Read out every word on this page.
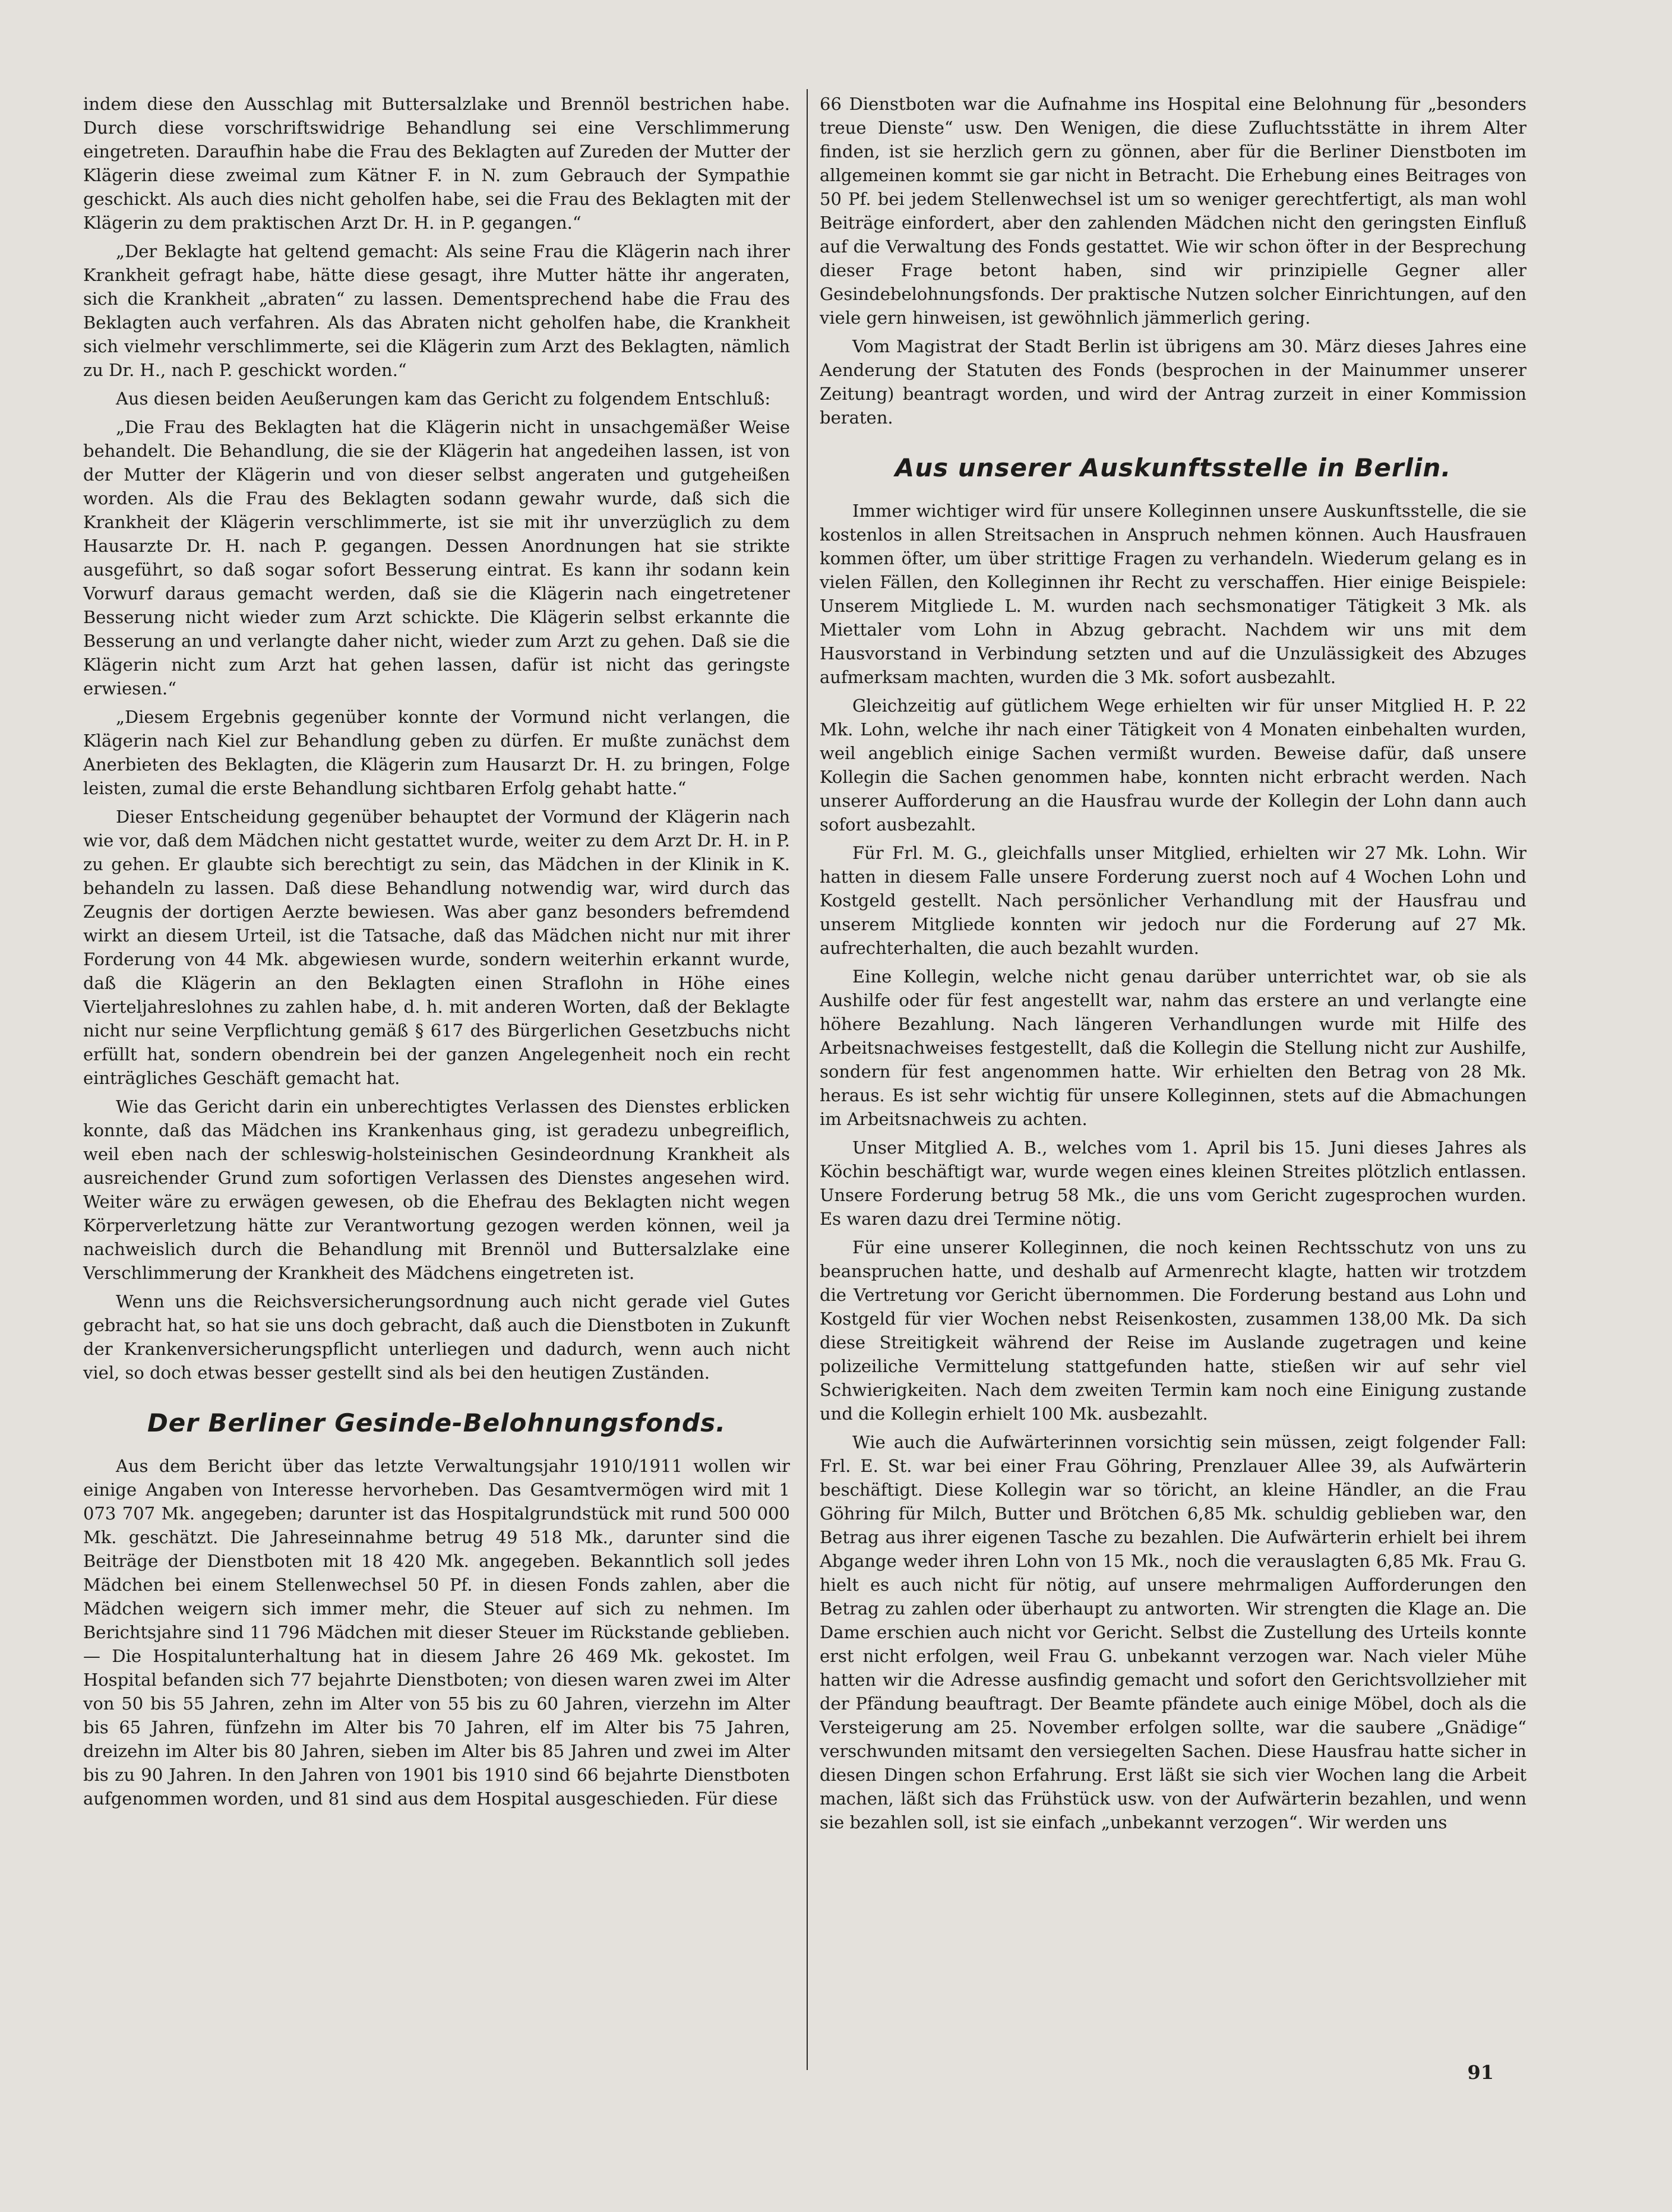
indem diese den Ausschlag mit Buttersalzlake und Brennöl bestrichen habe. Durch diese vorschriftswidrige Behandlung sei eine Verschlimmerung eingetreten. Daraufhin habe die Frau des Beklagten auf Zureden der Mutter der Klägerin diese zweimal zum Kätner F. in N. zum Gebrauch der Sympathie geschickt. Als auch dies nicht geholfen habe, sei die Frau des Beklagten mit der Klägerin zu dem praktischen Arzt Dr. H. in P. gegangen.“

„Der Beklagte hat geltend gemacht: Als seine Frau die Klägerin nach ihrer Krankheit gefragt habe, hätte diese gesagt, ihre Mutter hätte ihr angeraten, sich die Krankheit „abraten“ zu lassen. Dementsprechend habe die Frau des Beklagten auch verfahren. Als das Abraten nicht geholfen habe, die Krankheit sich vielmehr verschlimmerte, sei die Klägerin zum Arzt des Beklagten, nämlich zu Dr. H., nach P. geschickt worden.“

Aus diesen beiden Aeußerungen kam das Gericht zu folgendem Entschluß:

„Die Frau des Beklagten hat die Klägerin nicht in unsachgemäßer Weise behandelt. Die Behandlung, die sie der Klägerin hat angedeihen lassen, ist von der Mutter der Klägerin und von dieser selbst angeraten und gutgeheißen worden. Als die Frau des Beklagten sodann gewahr wurde, daß sich die Krankheit der Klägerin verschlimmerte, ist sie mit ihr unverzüglich zu dem Hausarzte Dr. H. nach P. gegangen. Dessen Anordnungen hat sie strikte ausgeführt, so daß sogar sofort Besserung eintrat. Es kann ihr sodann kein Vorwurf daraus gemacht werden, daß sie die Klägerin nach eingetretener Besserung nicht wieder zum Arzt schickte. Die Klägerin selbst erkannte die Besserung an und verlangte daher nicht, wieder zum Arzt zu gehen. Daß sie die Klägerin nicht zum Arzt hat gehen lassen, dafür ist nicht das geringste erwiesen.“

„Diesem Ergebnis gegenüber konnte der Vormund nicht verlangen, die Klägerin nach Kiel zur Behandlung geben zu dürfen. Er mußte zunächst dem Anerbieten des Beklagten, die Klägerin zum Hausarzt Dr. H. zu bringen, Folge leisten, zumal die erste Behandlung sichtbaren Erfolg gehabt hatte.“

Dieser Entscheidung gegenüber behauptet der Vormund der Klägerin nach wie vor, daß dem Mädchen nicht gestattet wurde, weiter zu dem Arzt Dr. H. in P. zu gehen. Er glaubte sich berechtigt zu sein, das Mädchen in der Klinik in K. behandeln zu lassen. Daß diese Behandlung notwendig war, wird durch das Zeugnis der dortigen Aerzte bewiesen. Was aber ganz besonders befremdend wirkt an diesem Urteil, ist die Tatsache, daß das Mädchen nicht nur mit ihrer Forderung von 44 Mk. abgewiesen wurde, sondern weiterhin erkannt wurde, daß die Klägerin an den Beklagten einen Straflohn in Höhe eines Vierteljahreslohnes zu zahlen habe, d. h. mit anderen Worten, daß der Beklagte nicht nur seine Verpflichtung gemäß § 617 des Bürgerlichen Gesetzbuchs nicht erfüllt hat, sondern obendrein bei der ganzen Angelegenheit noch ein recht einträgliches Geschäft gemacht hat.

Wie das Gericht darin ein unberechtigtes Verlassen des Dienstes erblicken konnte, daß das Mädchen ins Krankenhaus ging, ist geradezu unbegreiflich, weil eben nach der schleswig-holsteinischen Gesindeordnung Krankheit als ausreichender Grund zum sofortigen Verlassen des Dienstes angesehen wird. Weiter wäre zu erwägen gewesen, ob die Ehefrau des Beklagten nicht wegen Körperverletzung hätte zur Verantwortung gezogen werden können, weil ja nachweislich durch die Behandlung mit Brennöl und Buttersalzlake eine Verschlimmerung der Krankheit des Mädchens eingetreten ist.

Wenn uns die Reichsversicherungsordnung auch nicht gerade viel Gutes gebracht hat, so hat sie uns doch gebracht, daß auch die Dienstboten in Zukunft der Krankenversicherungspflicht unterliegen und dadurch, wenn auch nicht viel, so doch etwas besser gestellt sind als bei den heutigen Zuständen.

Der Berliner Gesinde-Belohnungsfonds.

Aus dem Bericht über das letzte Verwaltungsjahr 1910/1911 wollen wir einige Angaben von Interesse hervorheben. Das Gesamtvermögen wird mit 1 073 707 Mk. angegeben; darunter ist das Hospitalgrundstück mit rund 500 000 Mk. geschätzt. Die Jahreseinnahme betrug 49 518 Mk., darunter sind die Beiträge der Dienstboten mit 18 420 Mk. angegeben. Bekanntlich soll jedes Mädchen bei einem Stellenwechsel 50 Pf. in diesen Fonds zahlen, aber die Mädchen weigern sich immer mehr, die Steuer auf sich zu nehmen. Im Berichtsjahre sind 11 796 Mädchen mit dieser Steuer im Rückstande geblieben. — Die Hospitalunterhaltung hat in diesem Jahre 26 469 Mk. gekostet. Im Hospital befanden sich 77 bejahrte Dienstboten; von diesen waren zwei im Alter von 50 bis 55 Jahren, zehn im Alter von 55 bis zu 60 Jahren, vierzehn im Alter bis 65 Jahren, fünfzehn im Alter bis 70 Jahren, elf im Alter bis 75 Jahren, dreizehn im Alter bis 80 Jahren, sieben im Alter bis 85 Jahren und zwei im Alter bis zu 90 Jahren. In den Jahren von 1901 bis 1910 sind 66 bejahrte Dienstboten aufgenommen worden, und 81 sind aus dem Hospital ausgeschieden. Für diese

66 Dienstboten war die Aufnahme ins Hospital eine Belohnung für „besonders treue Dienste“ usw. Den Wenigen, die diese Zufluchtsstätte in ihrem Alter finden, ist sie herzlich gern zu gönnen, aber für die Berliner Dienstboten im allgemeinen kommt sie gar nicht in Betracht. Die Erhebung eines Beitrages von 50 Pf. bei jedem Stellenwechsel ist um so weniger gerechtfertigt, als man wohl Beiträge einfordert, aber den zahlenden Mädchen nicht den geringsten Einfluß auf die Verwaltung des Fonds gestattet. Wie wir schon öfter in der Besprechung dieser Frage betont haben, sind wir prinzipielle Gegner aller Gesindebelohnungsfonds. Der praktische Nutzen solcher Einrichtungen, auf den viele gern hinweisen, ist gewöhnlich jämmerlich gering.

Vom Magistrat der Stadt Berlin ist übrigens am 30. März dieses Jahres eine Aenderung der Statuten des Fonds (besprochen in der Mainummer unserer Zeitung) beantragt worden, und wird der Antrag zurzeit in einer Kommission beraten.

Aus unserer Auskunftsstelle in Berlin.

Immer wichtiger wird für unsere Kolleginnen unsere Auskunftsstelle, die sie kostenlos in allen Streitsachen in Anspruch nehmen können. Auch Hausfrauen kommen öfter, um über strittige Fragen zu verhandeln. Wiederum gelang es in vielen Fällen, den Kolleginnen ihr Recht zu verschaffen. Hier einige Beispiele: Unserem Mitgliede L. M. wurden nach sechsmonatiger Tätigkeit 3 Mk. als Miettaler vom Lohn in Abzug gebracht. Nachdem wir uns mit dem Hausvorstand in Verbindung setzten und auf die Unzulässigkeit des Abzuges aufmerksam machten, wurden die 3 Mk. sofort ausbezahlt.

Gleichzeitig auf gütlichem Wege erhielten wir für unser Mitglied H. P. 22 Mk. Lohn, welche ihr nach einer Tätigkeit von 4 Monaten einbehalten wurden, weil angeblich einige Sachen vermißt wurden. Beweise dafür, daß unsere Kollegin die Sachen genommen habe, konnten nicht erbracht werden. Nach unserer Aufforderung an die Hausfrau wurde der Kollegin der Lohn dann auch sofort ausbezahlt.

Für Frl. M. G., gleichfalls unser Mitglied, erhielten wir 27 Mk. Lohn. Wir hatten in diesem Falle unsere Forderung zuerst noch auf 4 Wochen Lohn und Kostgeld gestellt. Nach persönlicher Verhandlung mit der Hausfrau und unserem Mitgliede konnten wir jedoch nur die Forderung auf 27 Mk. aufrechterhalten, die auch bezahlt wurden.

Eine Kollegin, welche nicht genau darüber unterrichtet war, ob sie als Aushilfe oder für fest angestellt war, nahm das erstere an und verlangte eine höhere Bezahlung. Nach längeren Verhandlungen wurde mit Hilfe des Arbeitsnachweises festgestellt, daß die Kollegin die Stellung nicht zur Aushilfe, sondern für fest angenommen hatte. Wir erhielten den Betrag von 28 Mk. heraus. Es ist sehr wichtig für unsere Kolleginnen, stets auf die Abmachungen im Arbeitsnachweis zu achten.

Unser Mitglied A. B., welches vom 1. April bis 15. Juni dieses Jahres als Köchin beschäftigt war, wurde wegen eines kleinen Streites plötzlich entlassen. Unsere Forderung betrug 58 Mk., die uns vom Gericht zugesprochen wurden. Es waren dazu drei Termine nötig.

Für eine unserer Kolleginnen, die noch keinen Rechtsschutz von uns zu beanspruchen hatte, und deshalb auf Armenrecht klagte, hatten wir trotzdem die Vertretung vor Gericht übernommen. Die Forderung bestand aus Lohn und Kostgeld für vier Wochen nebst Reisenkosten, zusammen 138,00 Mk. Da sich diese Streitigkeit während der Reise im Auslande zugetragen und keine polizeiliche Vermittelung stattgefunden hatte, stießen wir auf sehr viel Schwierigkeiten. Nach dem zweiten Termin kam noch eine Einigung zustande und die Kollegin erhielt 100 Mk. ausbezahlt.

Wie auch die Aufwärterinnen vorsichtig sein müssen, zeigt folgender Fall: Frl. E. St. war bei einer Frau Göhring, Prenzlauer Allee 39, als Aufwärterin beschäftigt. Diese Kollegin war so töricht, an kleine Händler, an die Frau Göhring für Milch, Butter und Brötchen 6,85 Mk. schuldig geblieben war, den Betrag aus ihrer eigenen Tasche zu bezahlen. Die Aufwärterin erhielt bei ihrem Abgange weder ihren Lohn von 15 Mk., noch die verauslagten 6,85 Mk. Frau G. hielt es auch nicht für nötig, auf unsere mehrmaligen Aufforderungen den Betrag zu zahlen oder überhaupt zu antworten. Wir strengten die Klage an. Die Dame erschien auch nicht vor Gericht. Selbst die Zustellung des Urteils konnte erst nicht erfolgen, weil Frau G. unbekannt verzogen war. Nach vieler Mühe hatten wir die Adresse ausfindig gemacht und sofort den Gerichtsvollzieher mit der Pfändung beauftragt. Der Beamte pfändete auch einige Möbel, doch als die Versteigerung am 25. November erfolgen sollte, war die saubere „Gnädige“ verschwunden mitsamt den versiegelten Sachen. Diese Hausfrau hatte sicher in diesen Dingen schon Erfahrung. Erst läßt sie sich vier Wochen lang die Arbeit machen, läßt sich das Frühstück usw. von der Aufwärterin bezahlen, und wenn sie bezahlen soll, ist sie einfach „unbekannt verzogen“. Wir werden uns

91
